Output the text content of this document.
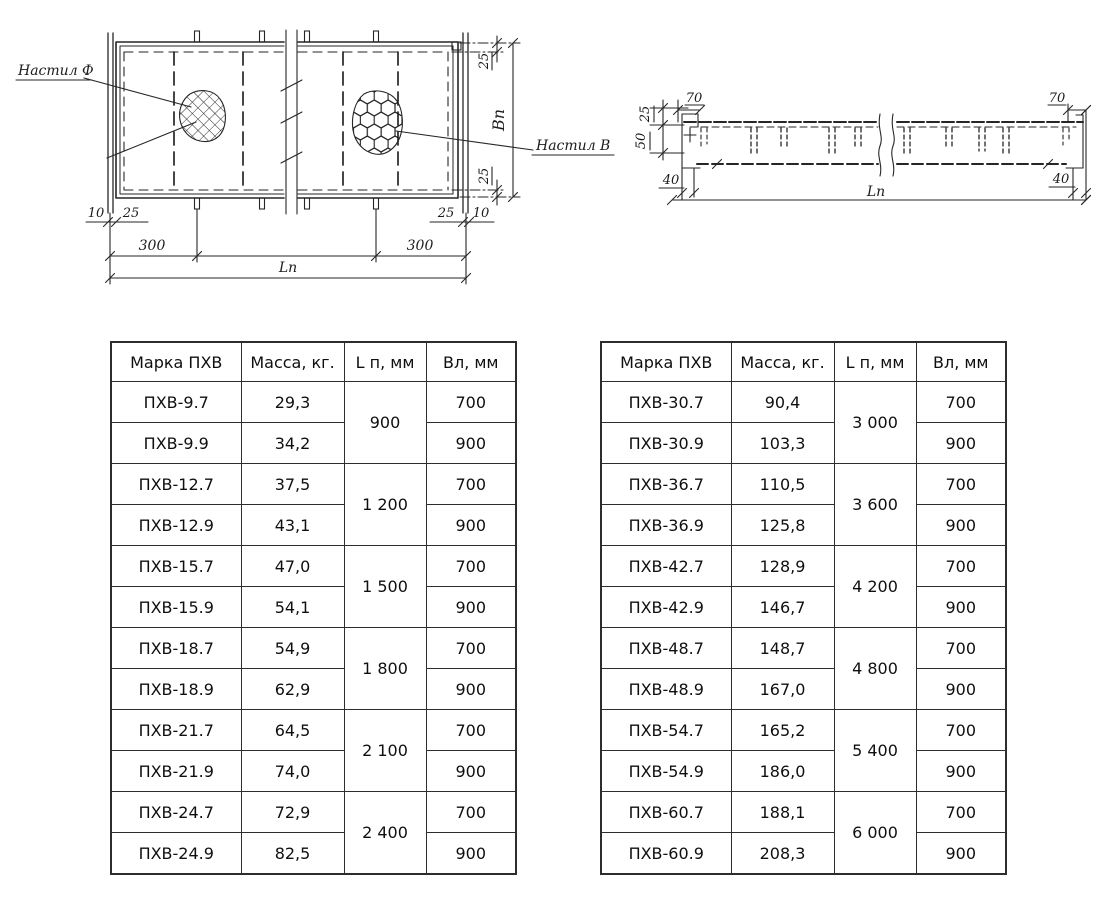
Настил Ф
Настил В
10 25	25 10
300	300
Lп
25
25
Вп
70	70
25
50
40	40
Lп
Марка ПХВ	Масса, кг.	L п, мм	Вл, мм
ПХВ-9.7	29,3	900	700
ПХВ-9.9	34,2		900
ПХВ-12.7	37,5	1 200	700
ПХВ-12.9	43,1		900
ПХВ-15.7	47,0	1 500	700
ПХВ-15.9	54,1		900
ПХВ-18.7	54,9	1 800	700
ПХВ-18.9	62,9		900
ПХВ-21.7	64,5	2 100	700
ПХВ-21.9	74,0		900
ПХВ-24.7	72,9	2 400	700
ПХВ-24.9	82,5		900
Марка ПХВ	Масса, кг.	L п, мм	Вл, мм
ПХВ-30.7	90,4	3 000	700
ПХВ-30.9	103,3		900
ПХВ-36.7	110,5	3 600	700
ПХВ-36.9	125,8		900
ПХВ-42.7	128,9	4 200	700
ПХВ-42.9	146,7		900
ПХВ-48.7	148,7	4 800	700
ПХВ-48.9	167,0		900
ПХВ-54.7	165,2	5 400	700
ПХВ-54.9	186,0		900
ПХВ-60.7	188,1	6 000	700
ПХВ-60.9	208,3		900
